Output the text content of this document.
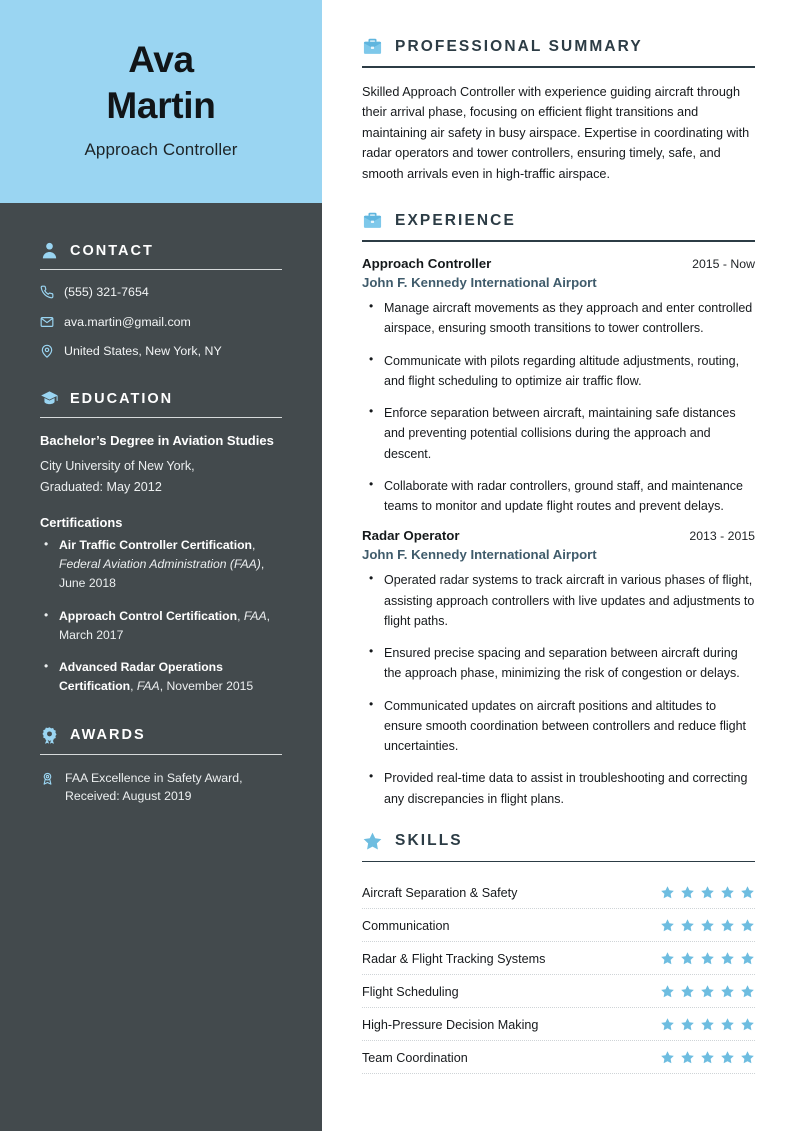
Ava
Martin
Approach Controller
CONTACT
(555) 321-7654
ava.martin@gmail.com
United States, New York, NY
EDUCATION
Bachelor’s Degree in Aviation Studies
City University of New York,
Graduated: May 2012
Certifications
• Air Traffic Controller Certification, Federal Aviation Administration (FAA), June 2018
• Approach Control Certification, FAA, March 2017
• Advanced Radar Operations Certification, FAA, November 2015
AWARDS
FAA Excellence in Safety Award,
Received: August 2019
PROFESSIONAL SUMMARY

Skilled Approach Controller with experience guiding aircraft through their arrival phase, focusing on efficient flight transitions and maintaining air safety in busy airspace. Expertise in coordinating with radar operators and tower controllers, ensuring timely, safe, and smooth arrivals even in high-traffic airspace.

EXPERIENCE
Approach Controller	2015 - Now
John F. Kennedy International Airport
• Manage aircraft movements as they approach and enter controlled airspace, ensuring smooth transitions to tower controllers.
• Communicate with pilots regarding altitude adjustments, routing, and flight scheduling to optimize air traffic flow.
• Enforce separation between aircraft, maintaining safe distances and preventing potential collisions during the approach and descent.
• Collaborate with radar controllers, ground staff, and maintenance teams to monitor and update flight routes and prevent delays.
Radar Operator	2013 - 2015
John F. Kennedy International Airport
• Operated radar systems to track aircraft in various phases of flight, assisting approach controllers with live updates and adjustments to flight paths.
• Ensured precise spacing and separation between aircraft during the approach phase, minimizing the risk of congestion or delays.
• Communicated updates on aircraft positions and altitudes to ensure smooth coordination between controllers and reduce flight uncertainties.
• Provided real-time data to assist in troubleshooting and correcting any discrepancies in flight plans.
SKILLS
Aircraft Separation & Safety
Communication
Radar & Flight Tracking Systems
Flight Scheduling
High-Pressure Decision Making
Team Coordination
